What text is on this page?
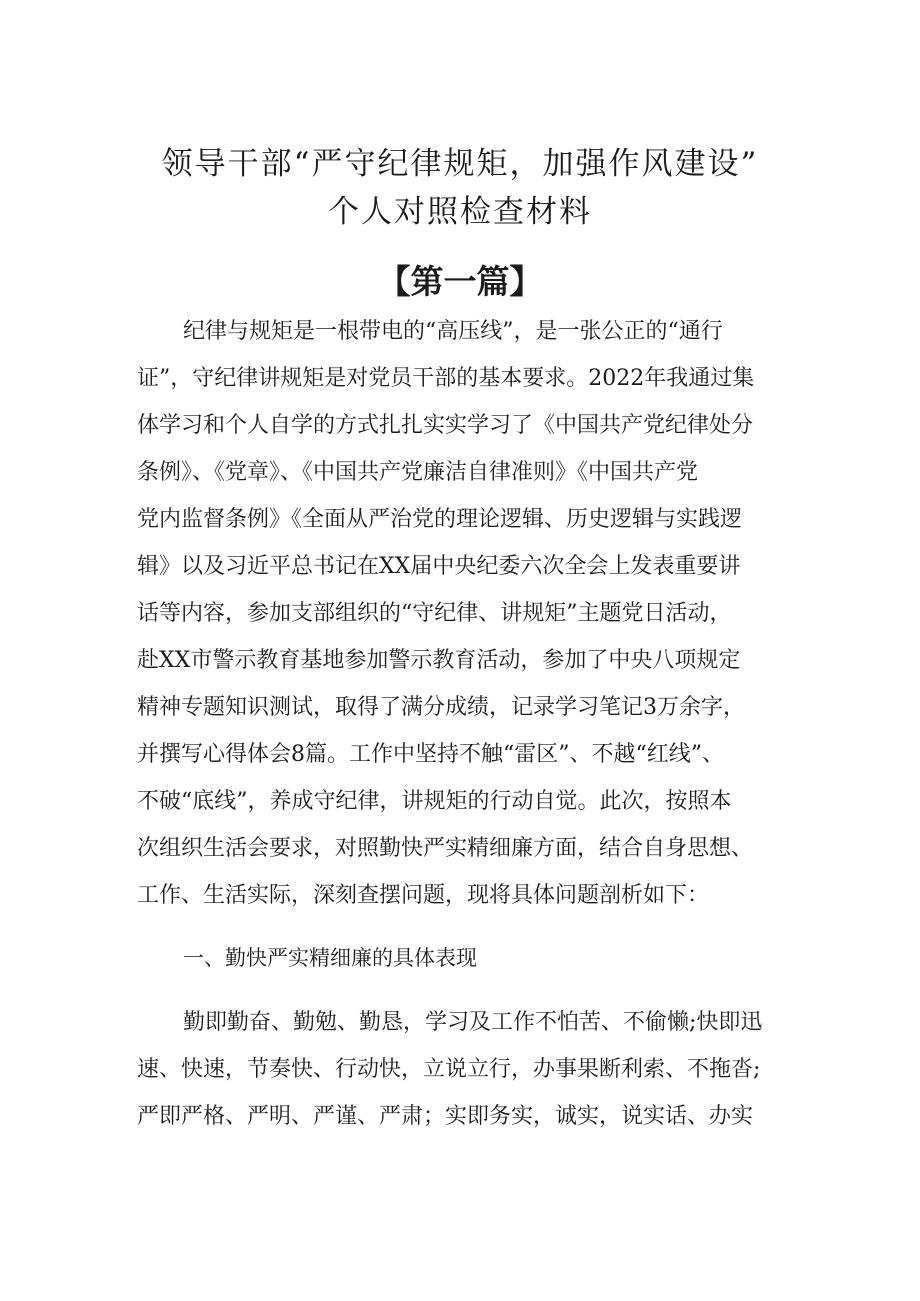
领导干部“严守纪律规矩，加强作风建设”
个人对照检查材料
【第一篇】
纪律与规矩是一根带电的“高压线”，是一张公正的“通行
证”，守纪律讲规矩是对党员干部的基本要求。2022年我通过集
体学习和个人自学的方式扎扎实实学习了《中国共产党纪律处分
条例》、《党章》、《中国共产党廉洁自律准则》《中国共产党
党内监督条例》《全面从严治党的理论逻辑、历史逻辑与实践逻
辑》以及习近平总书记在XX届中央纪委六次全会上发表重要讲
话等内容，参加支部组织的“守纪律、讲规矩”主题党日活动，
赴XX市警示教育基地参加警示教育活动，参加了中央八项规定
精神专题知识测试，取得了满分成绩，记录学习笔记3万余字，
并撰写心得体会8篇。工作中坚持不触“雷区”、不越“红线”、
不破“底线”，养成守纪律，讲规矩的行动自觉。此次，按照本
次组织生活会要求，对照勤快严实精细廉方面，结合自身思想、
工作、生活实际，深刻查摆问题，现将具体问题剖析如下：
一、勤快严实精细廉的具体表现
勤即勤奋、勤勉、勤恳，学习及工作不怕苦、不偷懒;快即迅
速、快速，节奏快、行动快，立说立行，办事果断利索、不拖沓;
严即严格、严明、严谨、严肃；实即务实，诚实，说实话、办实
